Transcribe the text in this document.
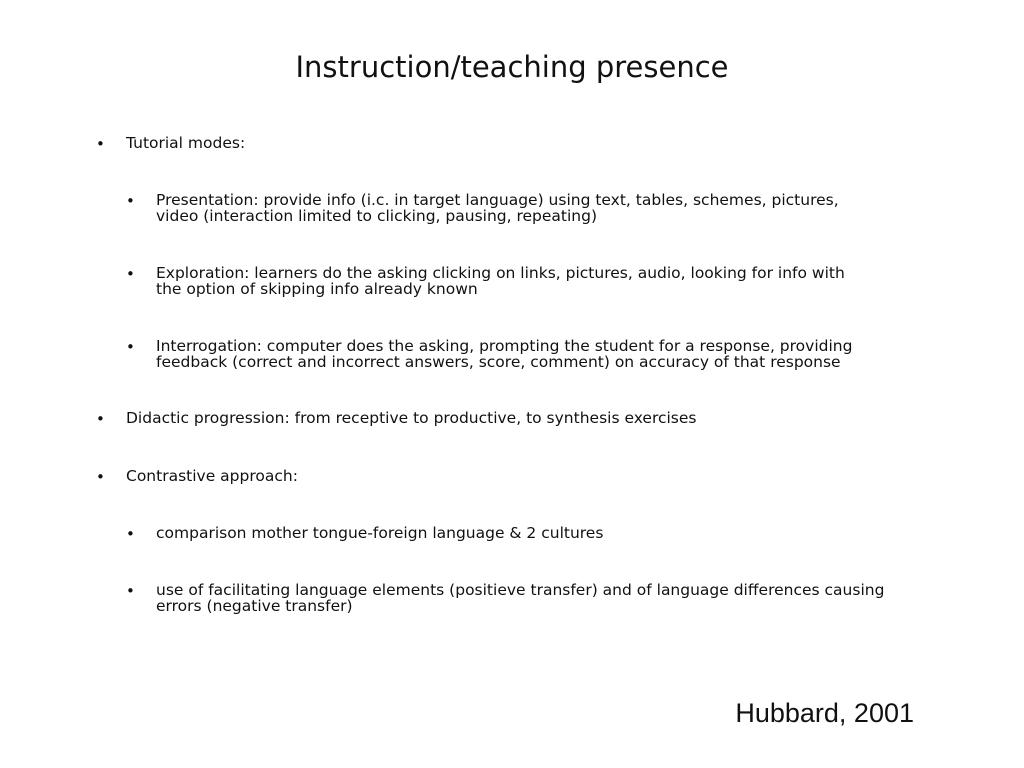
Instruction/teaching presence
• Tutorial modes:
• Presentation: provide info (i.c. in target language) using text, tables, schemes, pictures,
video (interaction limited to clicking, pausing, repeating)
• Exploration: learners do the asking clicking on links, pictures, audio, looking for info with
the option of skipping info already known
• Interrogation: computer does the asking, prompting the student for a response, providing
feedback (correct and incorrect answers, score, comment) on accuracy of that response
• Didactic progression: from receptive to productive, to synthesis exercises
• Contrastive approach:
• comparison mother tongue-foreign language & 2 cultures
• use of facilitating language elements (positieve transfer) and of language differences causing
errors (negative transfer)
Hubbard, 2001
